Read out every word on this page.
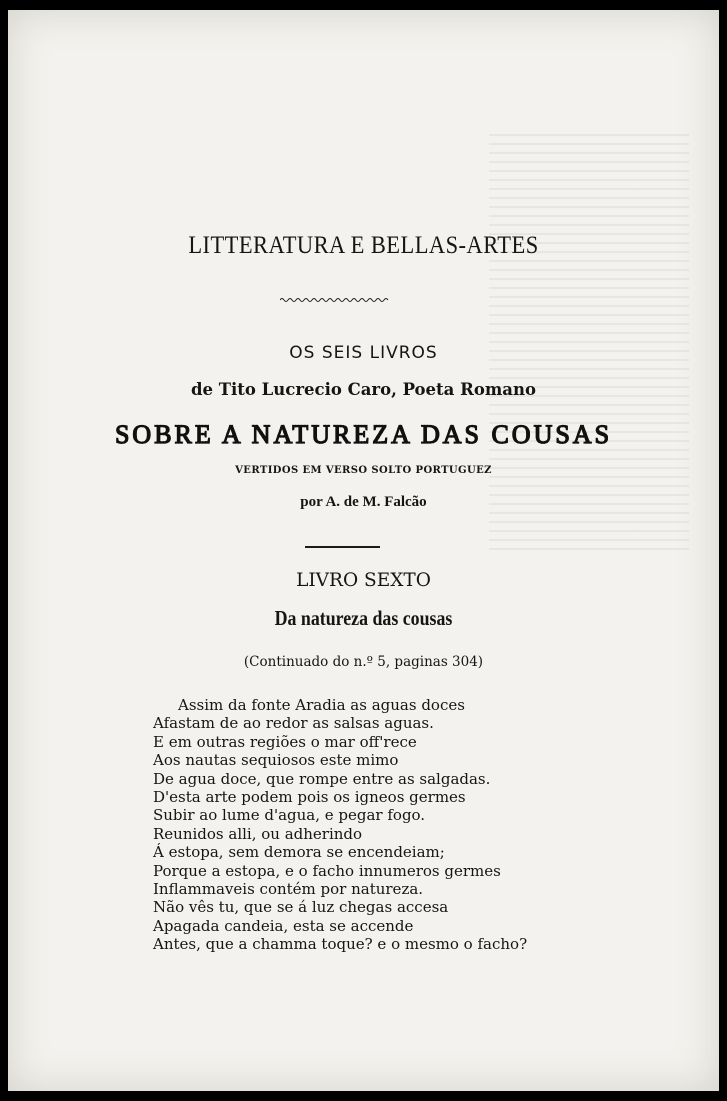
LITTERATURA E BELLAS-ARTES
OS SEIS LIVROS
de Tito Lucrecio Caro, Poeta Romano
SOBRE A NATUREZA DAS COUSAS
VERTIDOS EM VERSO SOLTO PORTUGUEZ
por A. de M. Falcão
LIVRO SEXTO
Da natureza das cousas
(Continuado do n.º 5, paginas 304)
Assim da fonte Aradia as aguas doces
Afastam de ao redor as salsas aguas.
E em outras regiões o mar off'rece
Aos nautas sequiosos este mimo
De agua doce, que rompe entre as salgadas.
D'esta arte podem pois os igneos germes
Subir ao lume d'agua, e pegar fogo.
Reunidos alli, ou adherindo
Á estopa, sem demora se encendeiam;
Porque a estopa, e o facho innumeros germes
Inflammaveis contém por natureza.
Não vês tu, que se á luz chegas accesa
Apagada candeia, esta se accende
Antes, que a chamma toque? e o mesmo o facho?
